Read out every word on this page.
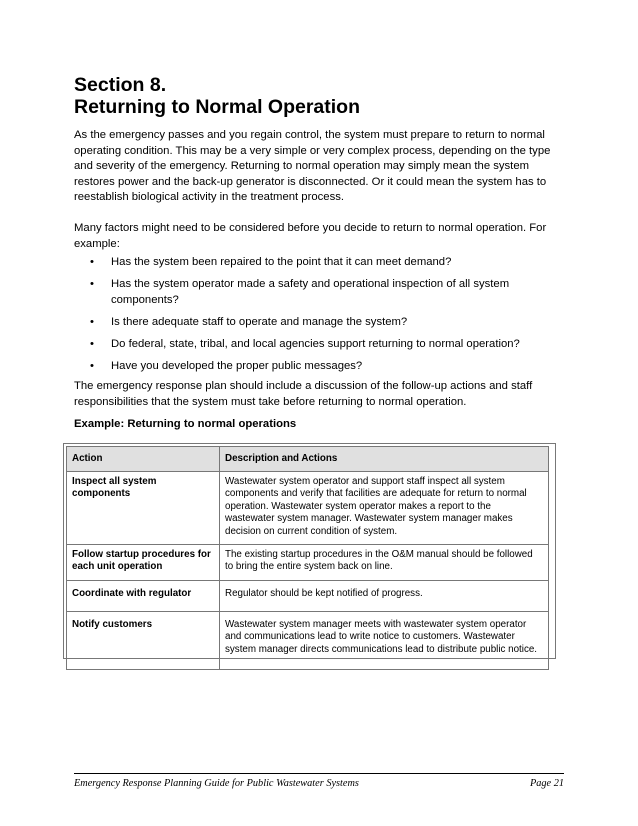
Section 8.
Returning to Normal Operation

As the emergency passes and you regain control, the system must prepare to return to normal operating condition. This may be a very simple or very complex process, depending on the type and severity of the emergency. Returning to normal operation may simply mean the system restores power and the back-up generator is disconnected. Or it could mean the system has to reestablish biological activity in the treatment process.

Many factors might need to be considered before you decide to return to normal operation. For example:

• Has the system been repaired to the point that it can meet demand?
• Has the system operator made a safety and operational inspection of all system components?
• Is there adequate staff to operate and manage the system?
• Do federal, state, tribal, and local agencies support returning to normal operation?
• Have you developed the proper public messages?

The emergency response plan should include a discussion of the follow-up actions and staff responsibilities that the system must take before returning to normal operation.

Example: Returning to normal operations
Action	Description and Actions
Inspect all system components	Wastewater system operator and support staff inspect all system components and verify that facilities are adequate for return to normal operation. Wastewater system operator makes a report to the wastewater system manager. Wastewater system manager makes decision on current condition of system.
Follow startup procedures for each unit operation	The existing startup procedures in the O&M manual should be followed to bring the entire system back on line.
Coordinate with regulator	Regulator should be kept notified of progress.
Notify customers	Wastewater system manager meets with wastewater system operator and communications lead to write notice to customers. Wastewater system manager directs communications lead to distribute public notice.
Emergency Response Planning Guide for Public Wastewater Systems	Page 21
